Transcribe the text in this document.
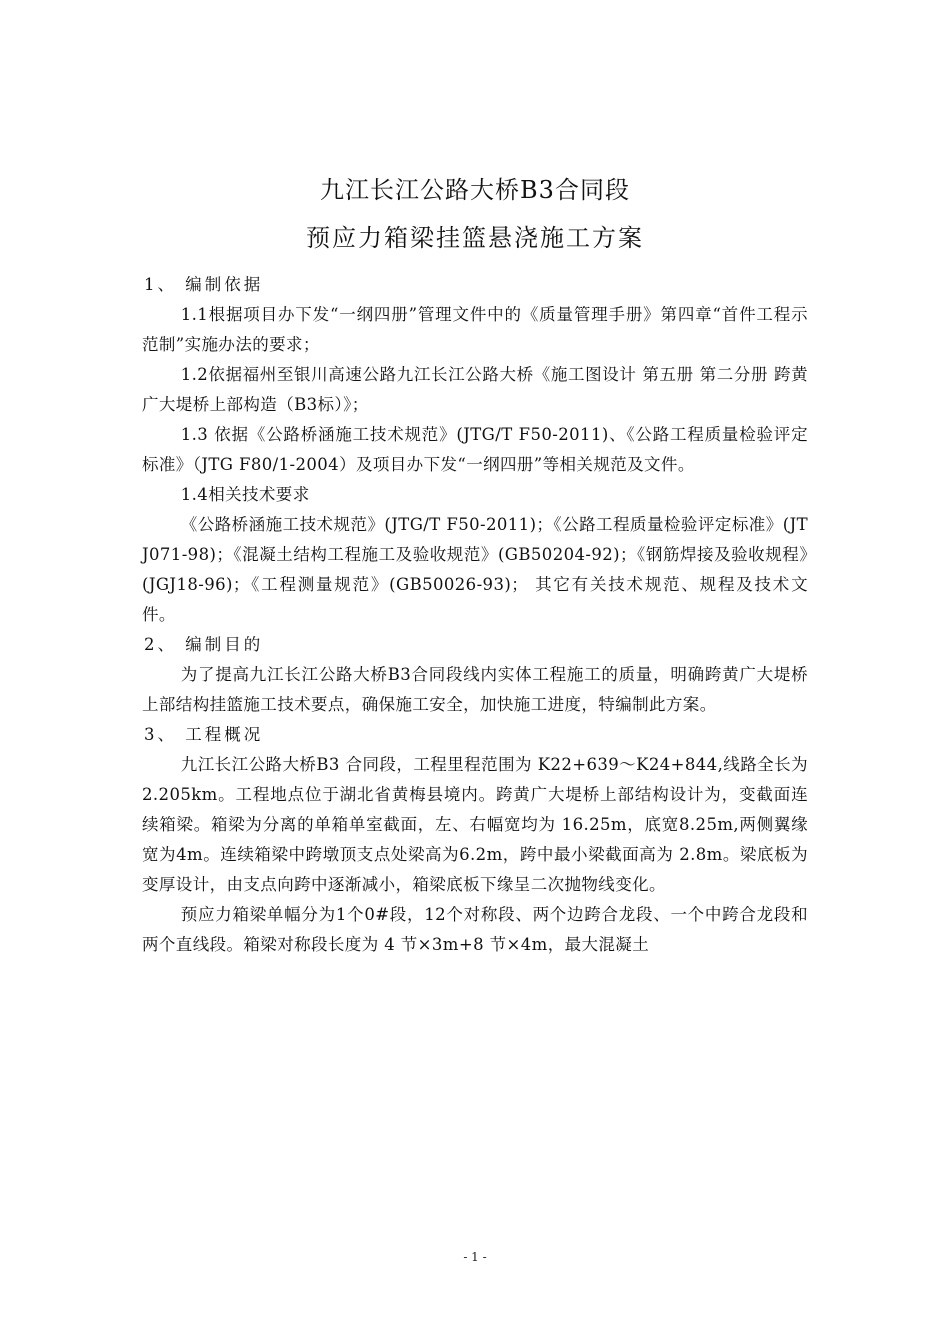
九江长江公路大桥B3合同段
预应力箱梁挂篮悬浇施工方案

1、 编制依据

1.1根据项目办下发“一纲四册”管理文件中的《质量管理手册》第四章“首件工程示范制”实施办法的要求；

1.2依据福州至银川高速公路九江长江公路大桥《施工图设计 第五册 第二分册 跨黄广大堤桥上部构造（B3标）》；

1.3 依据《公路桥涵施工技术规范》(JTG/T F50-2011)、《公路工程质量检验评定标准》（JTG F80/1-2004）及项目办下发“一纲四册”等相关规范及文件。

1.4相关技术要求

《公路桥涵施工技术规范》(JTG/T F50-2011)；《公路工程质量检验评定标准》(JTJ071-98)；《混凝土结构工程施工及验收规范》(GB50204-92)；《钢筋焊接及验收规程》(JGJ18-96)；《工程测量规范》(GB50026-93)； 其它有关技术规范、规程及技术文件。

2、 编制目的

为了提高九江长江公路大桥B3合同段线内实体工程施工的质量，明确跨黄广大堤桥上部结构挂篮施工技术要点，确保施工安全，加快施工进度，特编制此方案。

3、 工程概况

九江长江公路大桥B3 合同段，工程里程范围为 K22+639～K24+844,线路全长为2.205km。工程地点位于湖北省黄梅县境内。跨黄广大堤桥上部结构设计为，变截面连续箱梁。箱梁为分离的单箱单室截面，左、右幅宽均为 16.25m，底宽8.25m,两侧翼缘宽为4m。连续箱梁中跨墩顶支点处梁高为6.2m，跨中最小梁截面高为 2.8m。梁底板为变厚设计，由支点向跨中逐渐减小，箱梁底板下缘呈二次抛物线变化。

预应力箱梁单幅分为1个0#段，12个对称段、两个边跨合龙段、一个中跨合龙段和两个直线段。箱梁对称段长度为 4 节×3m+8 节×4m，最大混凝土

- 1 -
